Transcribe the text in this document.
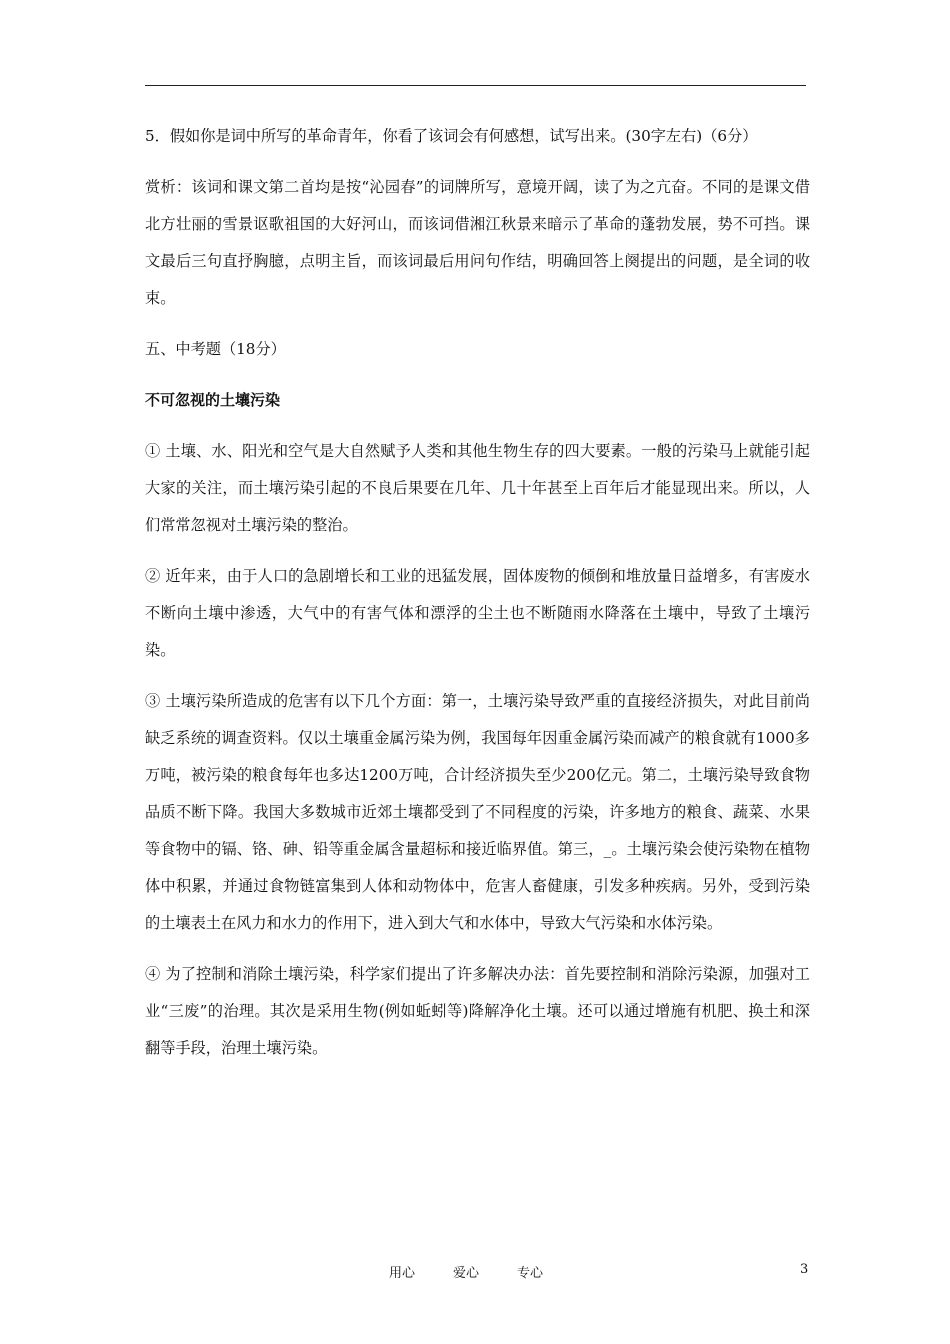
5．假如你是词中所写的革命青年，你看了该词会有何感想，试写出来。(30字左右)（6分）

赏析：该词和课文第二首均是按“沁园春”的词牌所写，意境开阔，读了为之亢奋。不同的是课文借北方壮丽的雪景讴歌祖国的大好河山，而该词借湘江秋景来暗示了革命的蓬勃发展，势不可挡。课文最后三句直抒胸臆，点明主旨，而该词最后用问句作结，明确回答上阕提出的问题，是全词的收束。

五、中考题（18分）

不可忽视的土壤污染

① 土壤、水、阳光和空气是大自然赋予人类和其他生物生存的四大要素。一般的污染马上就能引起大家的关注，而土壤污染引起的不良后果要在几年、几十年甚至上百年后才能显现出来。所以，人们常常忽视对土壤污染的整治。

② 近年来，由于人口的急剧增长和工业的迅猛发展，固体废物的倾倒和堆放量日益增多，有害废水不断向土壤中渗透，大气中的有害气体和漂浮的尘土也不断随雨水降落在土壤中，导致了土壤污染。

③ 土壤污染所造成的危害有以下几个方面：第一，土壤污染导致严重的直接经济损失，对此目前尚缺乏系统的调查资料。仅以土壤重金属污染为例，我国每年因重金属污染而减产的粮食就有1000多万吨，被污染的粮食每年也多达1200万吨，合计经济损失至少200亿元。第二，土壤污染导致食物品质不断下降。我国大多数城市近郊土壤都受到了不同程度的污染，许多地方的粮食、蔬菜、水果等食物中的镉、铬、砷、铅等重金属含量超标和接近临界值。第三，_。土壤污染会使污染物在植物体中积累，并通过食物链富集到人体和动物体中，危害人畜健康，引发多种疾病。另外，受到污染的土壤表土在风力和水力的作用下，进入到大气和水体中，导致大气污染和水体污染。

④ 为了控制和消除土壤污染，科学家们提出了许多解决办法：首先要控制和消除污染源，加强对工业“三废”的治理。其次是采用生物(例如蚯蚓等)降解净化土壤。还可以通过增施有机肥、换土和深翻等手段，治理土壤污染。

用心	爱心	专心	3
